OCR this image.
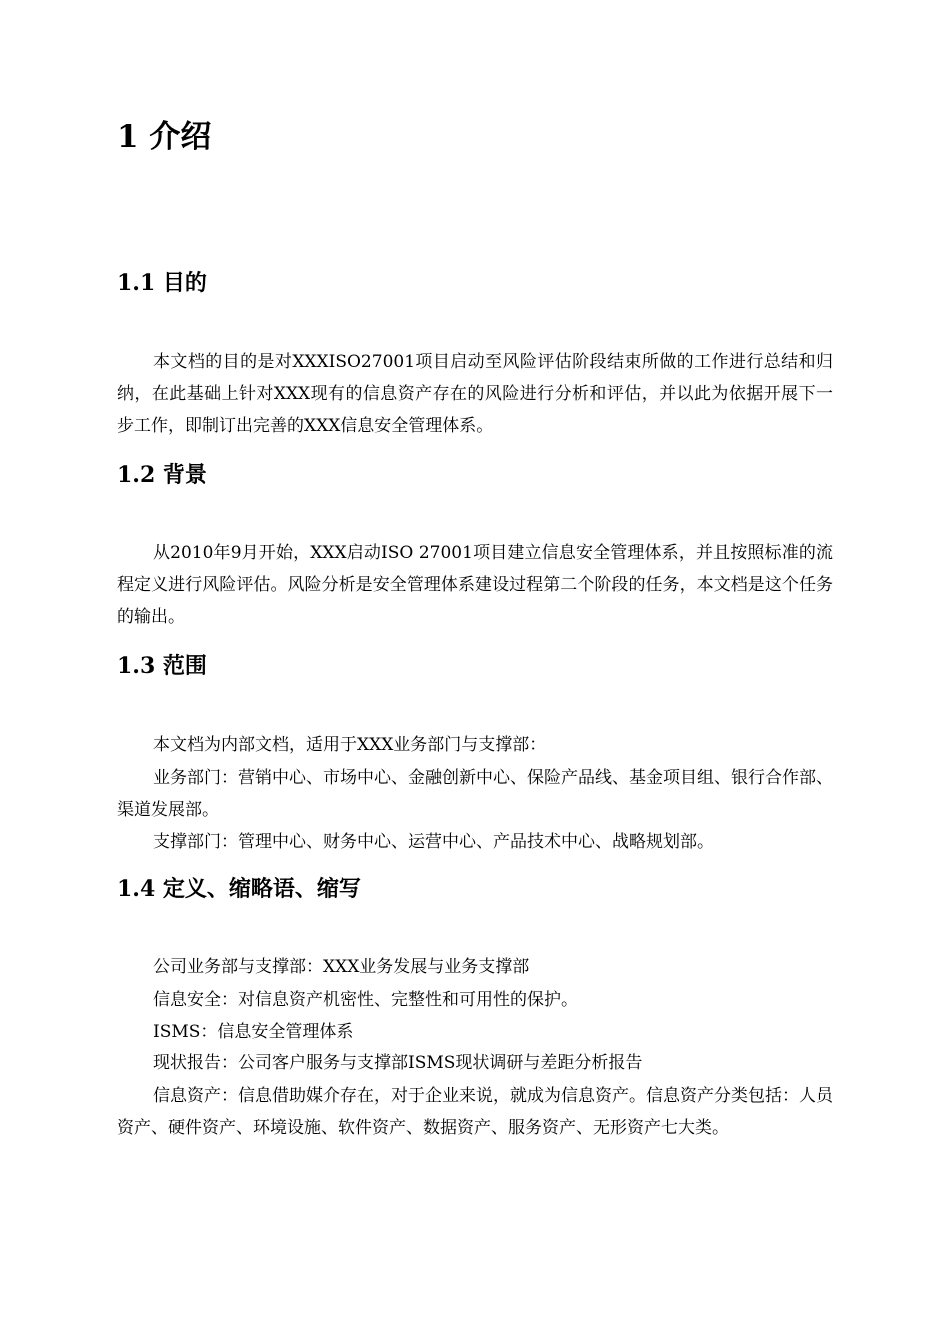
1 介绍
1.1 目的

本文档的目的是对XXXISO27001项目启动至风险评估阶段结束所做的工作进行总结和归纳，在此基础上针对XXX现有的信息资产存在的风险进行分析和评估，并以此为依据开展下一步工作，即制订出完善的XXX信息安全管理体系。

1.2 背景

从2010年9月开始，XXX启动ISO 27001项目建立信息安全管理体系，并且按照标准的流程定义进行风险评估。风险分析是安全管理体系建设过程第二个阶段的任务，本文档是这个任务的输出。

1.3 范围

本文档为内部文档，适用于XXX业务部门与支撑部：

业务部门：营销中心、市场中心、金融创新中心、保险产品线、基金项目组、银行合作部、渠道发展部。

支撑部门：管理中心、财务中心、运营中心、产品技术中心、战略规划部。

1.4 定义、缩略语、缩写

公司业务部与支撑部：XXX业务发展与业务支撑部

信息安全：对信息资产机密性、完整性和可用性的保护。

ISMS：信息安全管理体系

现状报告：公司客户服务与支撑部ISMS现状调研与差距分析报告

信息资产：信息借助媒介存在，对于企业来说，就成为信息资产。信息资产分类包括：人员资产、硬件资产、环境设施、软件资产、数据资产、服务资产、无形资产七大类。
